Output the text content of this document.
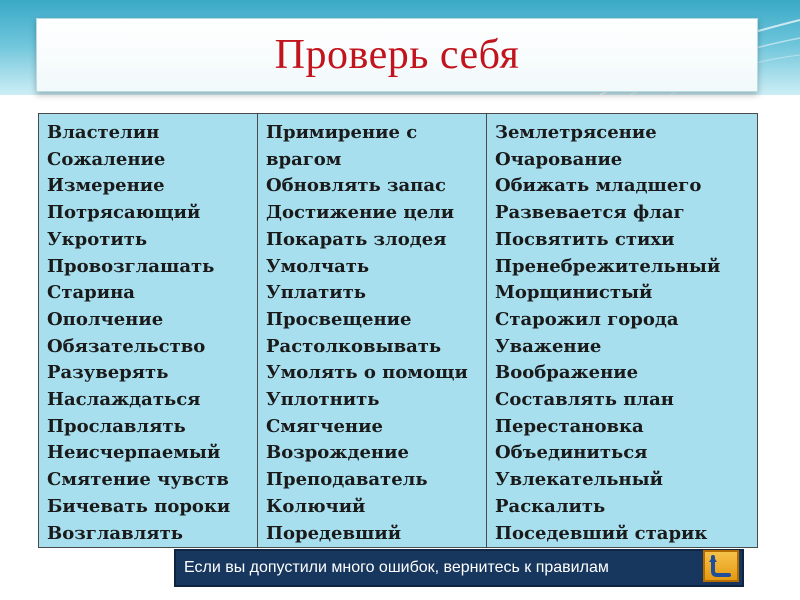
Проверь себя
Властелин
Сожаление
Измерение
Потрясающий
Укротить
Провозглашать
Старина
Ополчение
Обязательство
Разуверять
Наслаждаться
Прославлять
Неисчерпаемый
Смятение чувств
Бичевать пороки
Возглавлять

Примирение с врагом
Обновлять запас
Достижение цели
Покарать злодея
Умолчать
Уплатить
Просвещение
Растолковывать
Умолять о помощи
Уплотнить
Смягчение
Возрождение
Преподаватель
Колючий
Поредевший

Землетрясение
Очарование
Обижать младшего
Развевается флаг
Посвятить стихи
Пренебрежительный
Морщинистый
Старожил города
Уважение
Воображение
Составлять план
Перестановка
Объединиться
Увлекательный
Раскалить
Поседевший старик
Если вы допустили много ошибок, вернитесь к правилам
